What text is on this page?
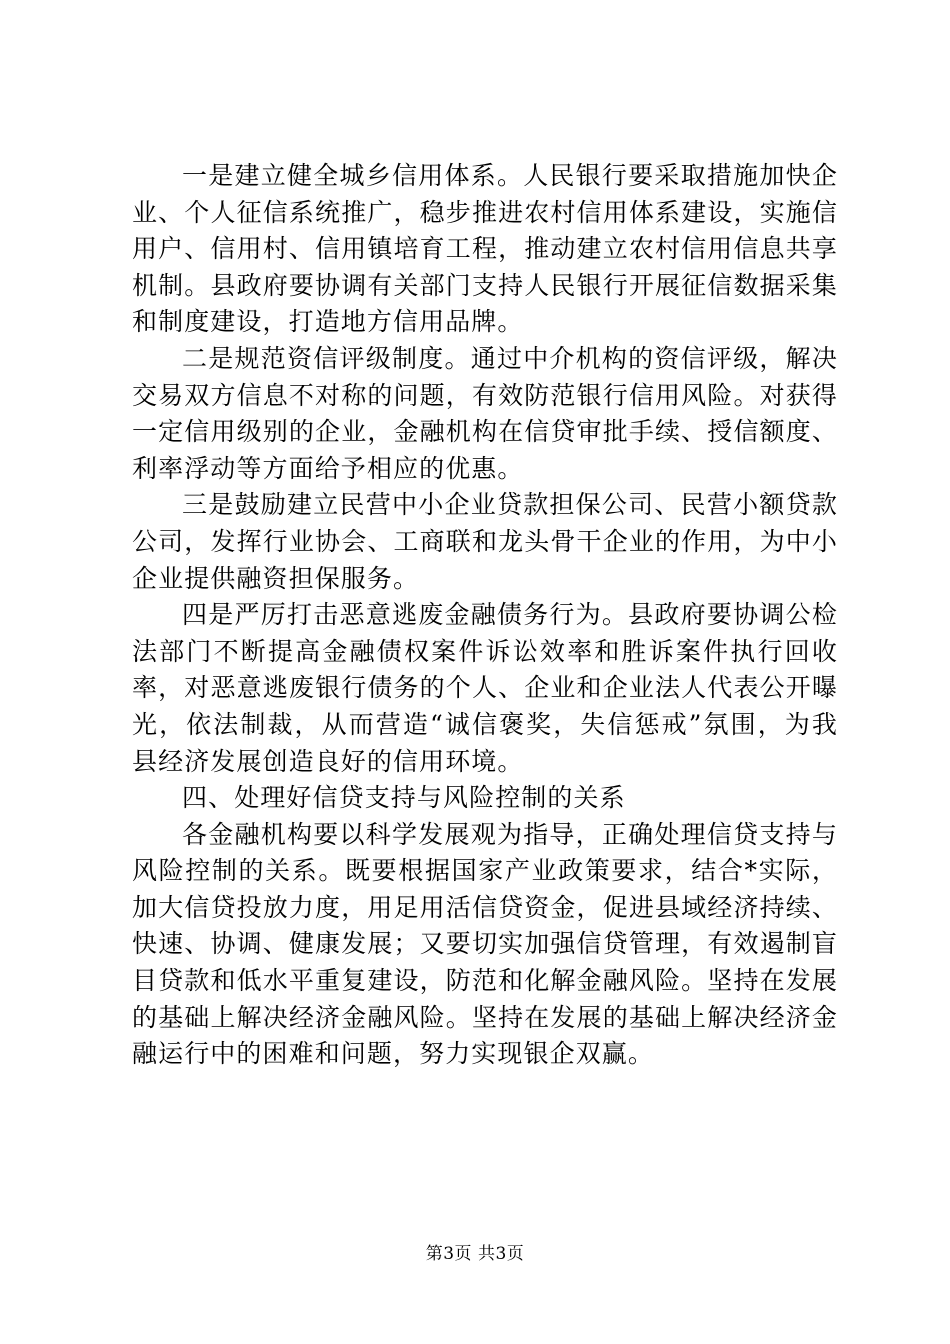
一是建立健全城乡信用体系。人民银行要采取措施加快企业、个人征信系统推广，稳步推进农村信用体系建设，实施信用户、信用村、信用镇培育工程，推动建立农村信用信息共享机制。县政府要协调有关部门支持人民银行开展征信数据采集和制度建设，打造地方信用品牌。

二是规范资信评级制度。通过中介机构的资信评级，解决交易双方信息不对称的问题，有效防范银行信用风险。对获得一定信用级别的企业，金融机构在信贷审批手续、授信额度、利率浮动等方面给予相应的优惠。

三是鼓励建立民营中小企业贷款担保公司、民营小额贷款公司，发挥行业协会、工商联和龙头骨干企业的作用，为中小企业提供融资担保服务。

四是严厉打击恶意逃废金融债务行为。县政府要协调公检法部门不断提高金融债权案件诉讼效率和胜诉案件执行回收率，对恶意逃废银行债务的个人、企业和企业法人代表公开曝光，依法制裁，从而营造“诚信褒奖，失信惩戒”氛围，为我县经济发展创造良好的信用环境。

四、处理好信贷支持与风险控制的关系

各金融机构要以科学发展观为指导，正确处理信贷支持与风险控制的关系。既要根据国家产业政策要求，结合*实际，加大信贷投放力度，用足用活信贷资金，促进县域经济持续、快速、协调、健康发展；又要切实加强信贷管理，有效遏制盲目贷款和低水平重复建设，防范和化解金融风险。坚持在发展的基础上解决经济金融风险。坚持在发展的基础上解决经济金融运行中的困难和问题，努力实现银企双赢。

第3页 共3页
